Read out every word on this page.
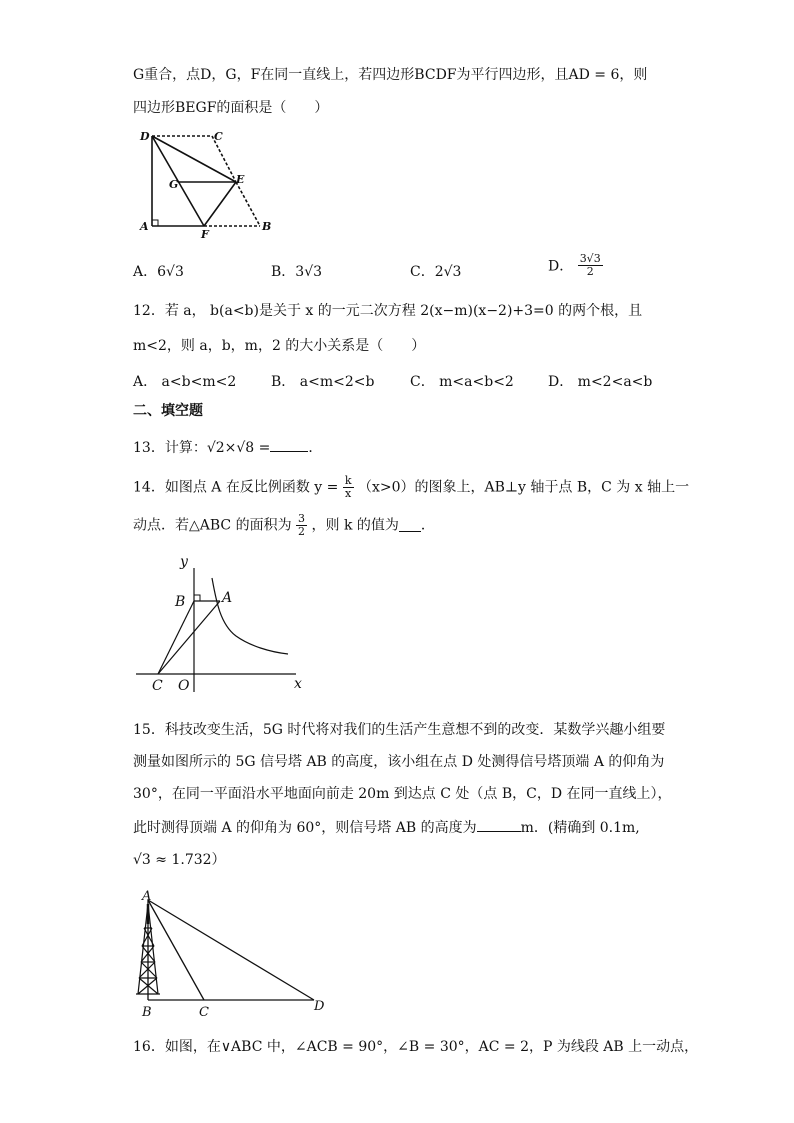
G重合，点D，G，F在同一直线上，若四边形BCDF为平行四边形，且AD = 6，则
四边形BEGF的面积是（　　）
D	C
G	E
A
F
B
A．6√3	B．3√3	C．2√3	D． $\frac{3√3}{2}$
12．若 a， b(a<b)是关于 x 的一元二次方程 2(x−m)(x−2)+3=0 的两个根，且
m<2，则 a，b，m，2 的大小关系是（　　）
A． a<b<m<2 B． a<m<2<b	C． m<a<b<2 D． m<2<a<b
二、填空题
13．计算：√2×√8 =	．
14．如图点 A 在反比例函数 $y = \frac{k}{x} (x>0)$的图象上，AB⊥y 轴于点 B，C 为 x 轴上一
动点．若△ABC 的面积为 $\frac{3}{2}$ ，则 k 的值为 ．
y
B	A
C O	x
15．科技改变生活，5G 时代将对我们的生活产生意想不到的改变．某数学兴趣小组要
测量如图所示的 5G 信号塔 AB 的高度，该小组在点 D 处测得信号塔顶端 A 的仰角为
30°，在同一平面沿水平地面向前走 20m 到达点 C 处（点 B，C，D 在同一直线上），
此时测得顶端 A 的仰角为 60°，则信号塔 AB 的高度为	m．(精确到 0.1m,
√3 ≈ 1.732）
A
B	C	D
16．如图，在∨ABC 中，∠ACB = 90°，∠B = 30°，AC = 2，P 为线段 AB 上一动点，
